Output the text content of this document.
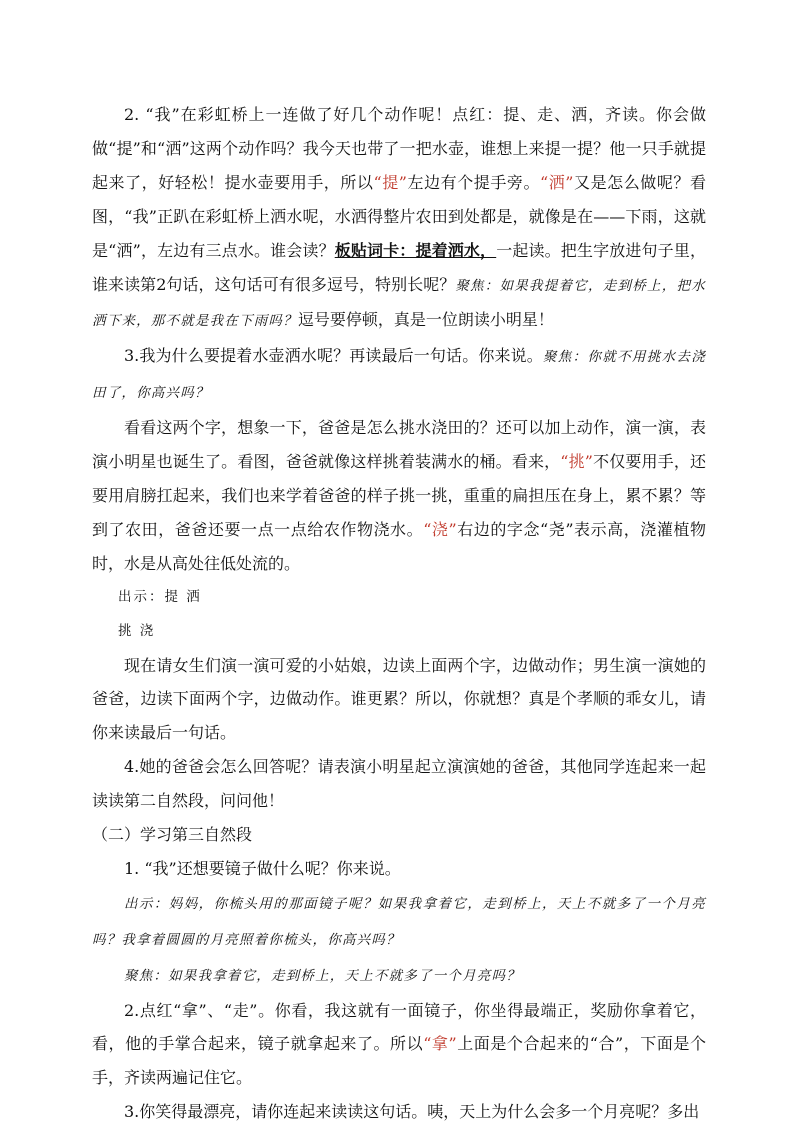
2. “我”在彩虹桥上一连做了好几个动作呢！点红：提、走、洒，齐读。你会做做“提”和“洒”这两个动作吗？我今天也带了一把水壶，谁想上来提一提？他一只手就提起来了，好轻松！提水壶要用手，所以“提”左边有个提手旁。“洒”又是怎么做呢？看图，“我”正趴在彩虹桥上洒水呢，水洒得整片农田到处都是，就像是在——下雨，这就是“洒”，左边有三点水。谁会读？板贴词卡：提着洒水，一起读。把生字放进句子里，谁来读第2句话，这句话可有很多逗号，特别长呢？聚焦：如果我提着它，走到桥上，把水洒下来，那不就是我在下雨吗？逗号要停顿，真是一位朗读小明星！

3.我为什么要提着水壶洒水呢？再读最后一句话。你来说。聚焦：你就不用挑水去浇田了，你高兴吗？

看看这两个字，想象一下，爸爸是怎么挑水浇田的？还可以加上动作，演一演，表演小明星也诞生了。看图，爸爸就像这样挑着装满水的桶。看来，“挑”不仅要用手，还要用肩膀扛起来，我们也来学着爸爸的样子挑一挑，重重的扁担压在身上，累不累？等到了农田，爸爸还要一点一点给农作物浇水。“浇”右边的字念“尧”表示高，浇灌植物时，水是从高处往低处流的。

出示：提 洒

挑 浇

现在请女生们演一演可爱的小姑娘，边读上面两个字，边做动作；男生演一演她的爸爸，边读下面两个字，边做动作。谁更累？所以，你就想？真是个孝顺的乖女儿，请你来读最后一句话。

4.她的爸爸会怎么回答呢？请表演小明星起立演演她的爸爸，其他同学连起来一起读读第二自然段，问问他！

（二）学习第三自然段

1. “我”还想要镜子做什么呢？你来说。

出示：妈妈，你梳头用的那面镜子呢？如果我拿着它，走到桥上，天上不就多了一个月亮吗？我拿着圆圆的月亮照着你梳头，你高兴吗？

聚焦：如果我拿着它，走到桥上，天上不就多了一个月亮吗？

2.点红“拿”、“走”。你看，我这就有一面镜子，你坐得最端正，奖励你拿着它，看，他的手掌合起来，镜子就拿起来了。所以“拿”上面是个合起来的“合”，下面是个手，齐读两遍记住它。

3.你笑得最漂亮，请你连起来读读这句话。咦，天上为什么会多一个月亮呢？多出
